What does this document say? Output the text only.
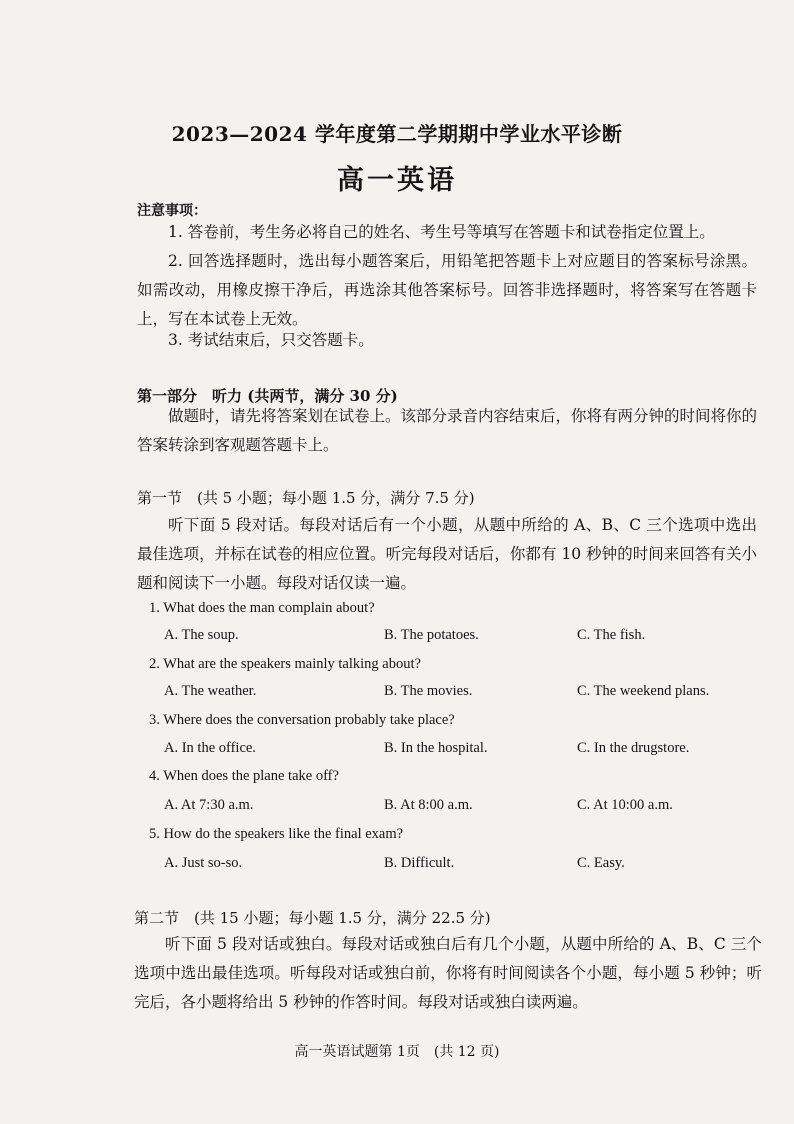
2023—2024 学年度第二学期期中学业水平诊断
高一英语
注意事项：
1. 答卷前，考生务必将自己的姓名、考生号等填写在答题卡和试卷指定位置上。
2. 回答选择题时，选出每小题答案后，用铅笔把答题卡上对应题目的答案标号涂黑。如需改动，用橡皮擦干净后，再选涂其他答案标号。回答非选择题时，将答案写在答题卡上，写在本试卷上无效。
3. 考试结束后，只交答题卡。
第一部分　听力 (共两节，满分 30 分)
做题时，请先将答案划在试卷上。该部分录音内容结束后，你将有两分钟的时间将你的答案转涂到客观题答题卡上。
第一节　(共 5 小题；每小题 1.5 分，满分 7.5 分)
听下面 5 段对话。每段对话后有一个小题，从题中所给的 A、B、C 三个选项中选出最佳选项，并标在试卷的相应位置。听完每段对话后，你都有 10 秒钟的时间来回答有关小题和阅读下一小题。每段对话仅读一遍。
1. What does the man complain about?
A. The soup.	B. The potatoes.	C. The fish.
2. What are the speakers mainly talking about?
A. The weather.	B. The movies.	C. The weekend plans.
3. Where does the conversation probably take place?
A. In the office.	B. In the hospital.	C. In the drugstore.
4. When does the plane take off?
A. At 7:30 a.m.	B. At 8:00 a.m.	C. At 10:00 a.m.
5. How do the speakers like the final exam?
A. Just so-so.	B. Difficult.	C. Easy.
第二节　(共 15 小题；每小题 1.5 分，满分 22.5 分)
听下面 5 段对话或独白。每段对话或独白后有几个小题，从题中所给的 A、B、C 三个选项中选出最佳选项。听每段对话或独白前，你将有时间阅读各个小题，每小题 5 秒钟；听完后，各小题将给出 5 秒钟的作答时间。每段对话或独白读两遍。
高一英语试题第 1页　(共 12 页)
